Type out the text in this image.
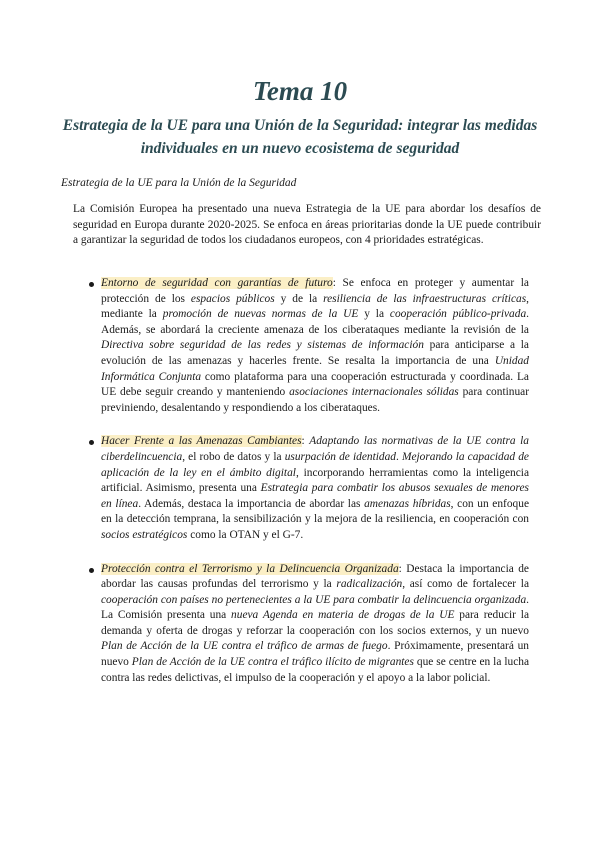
Tema 10
Estrategia de la UE para una Unión de la Seguridad: integrar las medidas individuales en un nuevo ecosistema de seguridad
Estrategia de la UE para la Unión de la Seguridad
La Comisión Europea ha presentado una nueva Estrategia de la UE para abordar los desafíos de seguridad en Europa durante 2020-2025. Se enfoca en áreas prioritarias donde la UE puede contribuir a garantizar la seguridad de todos los ciudadanos europeos, con 4 prioridades estratégicas.
Entorno de seguridad con garantías de futuro: Se enfoca en proteger y aumentar la protección de los espacios públicos y de la resiliencia de las infraestructuras críticas, mediante la promoción de nuevas normas de la UE y la cooperación público-privada. Además, se abordará la creciente amenaza de los ciberataques mediante la revisión de la Directiva sobre seguridad de las redes y sistemas de información para anticiparse a la evolución de las amenazas y hacerles frente. Se resalta la importancia de una Unidad Informática Conjunta como plataforma para una cooperación estructurada y coordinada. La UE debe seguir creando y manteniendo asociaciones internacionales sólidas para continuar previniendo, desalentando y respondiendo a los ciberataques.
Hacer Frente a las Amenazas Cambiantes: Adaptando las normativas de la UE contra la ciberdelincuencia, el robo de datos y la usurpación de identidad. Mejorando la capacidad de aplicación de la ley en el ámbito digital, incorporando herramientas como la inteligencia artificial. Asimismo, presenta una Estrategia para combatir los abusos sexuales de menores en línea. Además, destaca la importancia de abordar las amenazas híbridas, con un enfoque en la detección temprana, la sensibilización y la mejora de la resiliencia, en cooperación con socios estratégicos como la OTAN y el G-7.
Protección contra el Terrorismo y la Delincuencia Organizada: Destaca la importancia de abordar las causas profundas del terrorismo y la radicalización, así como de fortalecer la cooperación con países no pertenecientes a la UE para combatir la delincuencia organizada. La Comisión presenta una nueva Agenda en materia de drogas de la UE para reducir la demanda y oferta de drogas y reforzar la cooperación con los socios externos, y un nuevo Plan de Acción de la UE contra el tráfico de armas de fuego. Próximamente, presentará un nuevo Plan de Acción de la UE contra el tráfico ilícito de migrantes que se centre en la lucha contra las redes delictivas, el impulso de la cooperación y el apoyo a la labor policial.
